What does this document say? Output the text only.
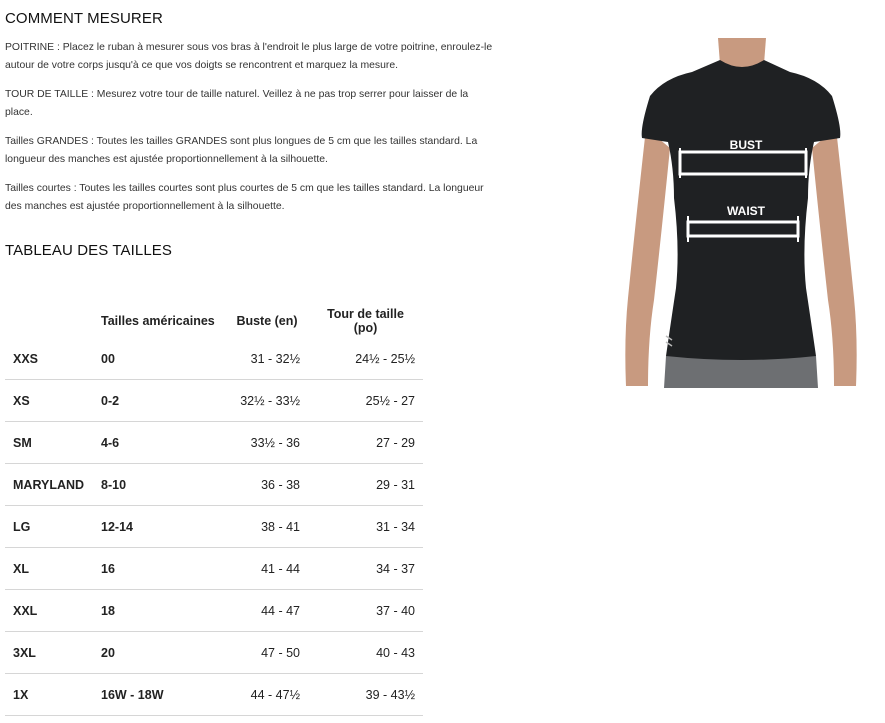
COMMENT MESURER

POITRINE : Placez le ruban à mesurer sous vos bras à l'endroit le plus large de votre poitrine, enroulez-le autour de votre corps jusqu'à ce que vos doigts se rencontrent et marquez la mesure.

TOUR DE TAILLE : Mesurez votre tour de taille naturel. Veillez à ne pas trop serrer pour laisser de la place.

Tailles GRANDES : Toutes les tailles GRANDES sont plus longues de 5 cm que les tailles standard. La longueur des manches est ajustée proportionnellement à la silhouette.

Tailles courtes : Toutes les tailles courtes sont plus courtes de 5 cm que les tailles standard. La longueur des manches est ajustée proportionnellement à la silhouette.

TABLEAU DES TAILLES
	Tailles américaines	Buste (en)	Tour de taille (po)
XXS	00	31 - 32½	24½ - 25½
XS	0-2	32½ - 33½	25½ - 27
SM	4-6	33½ - 36	27 - 29
MARYLAND	8-10	36 - 38	29 - 31
LG	12-14	38 - 41	31 - 34
XL	16	41 - 44	34 - 37
XXL	18	44 - 47	37 - 40
3XL	20	47 - 50	40 - 43
1X	16W - 18W	44 - 47½	39 - 43½
BUST
WAIST
